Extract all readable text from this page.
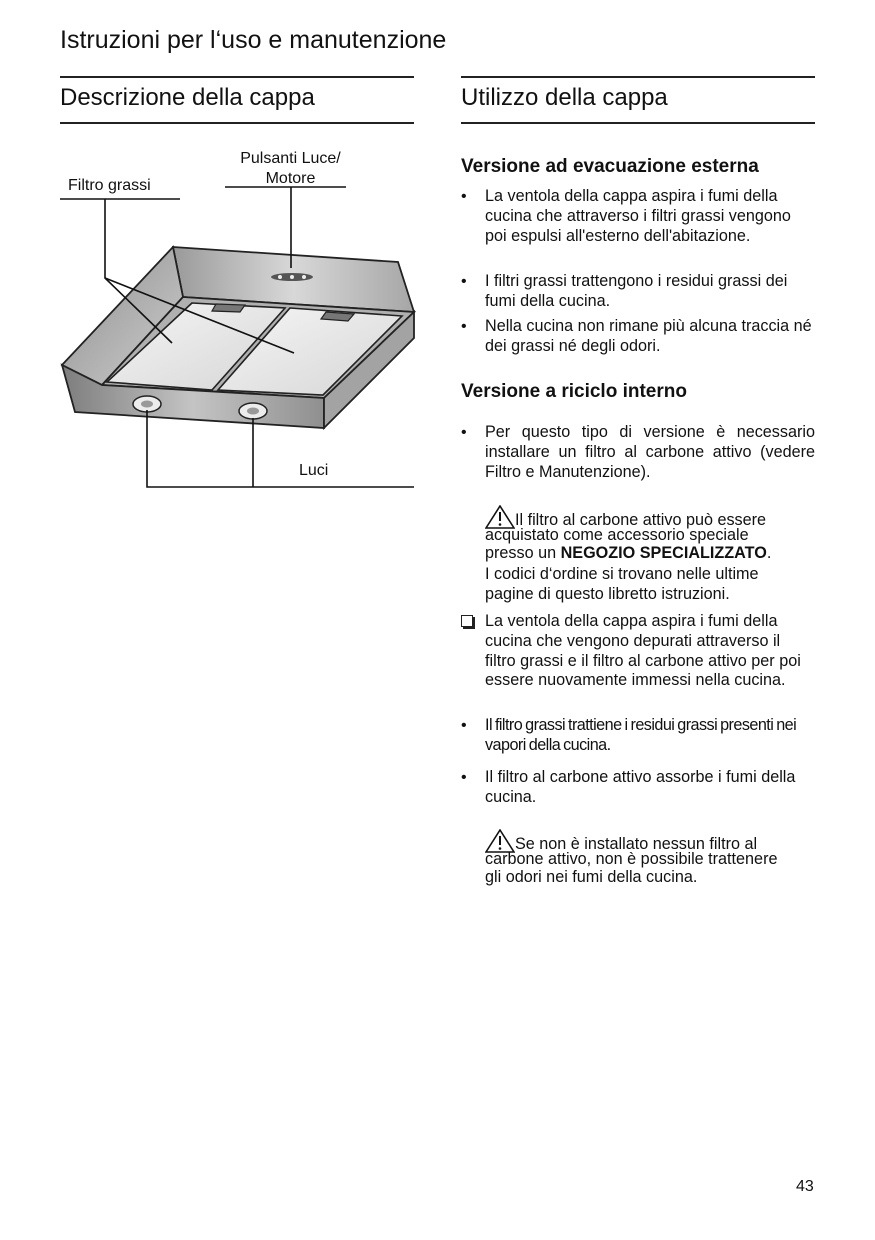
Istruzioni per l‘uso e manutenzione
Descrizione della cappa
Filtro grassi
Pulsanti Luce/
Motore
Luci
Utilizzo della cappa
Versione ad evacuazione esterna
• La ventola della cappa aspira i fumi della cucina che attraverso i filtri grassi vengono poi espulsi all'esterno dell'abitazione.
• I filtri grassi trattengono i residui grassi dei fumi della cucina.
• Nella cucina non rimane più alcuna traccia né dei grassi né degli odori.
Versione a riciclo interno
• Per questo tipo di versione è necessario installare un filtro al carbone attivo (vedere Filtro e Manutenzione).
Il filtro al carbone attivo può essere
acquistato come accessorio speciale
presso un NEGOZIO SPECIALIZZATO.
I codici d‘ordine si trovano nelle ultime
pagine di questo libretto istruzioni.
La ventola della cappa aspira i fumi della cucina che vengono depurati attraverso il filtro grassi e il filtro al carbone attivo per poi essere nuovamente immessi nella cucina.
• Il filtro grassi trattiene i residui grassi presenti nei vapori della cucina.
• Il filtro al carbone attivo assorbe i fumi della cucina.
Se non è installato nessun filtro al
carbone attivo, non è possibile trattenere
gli odori nei fumi della cucina.
43
